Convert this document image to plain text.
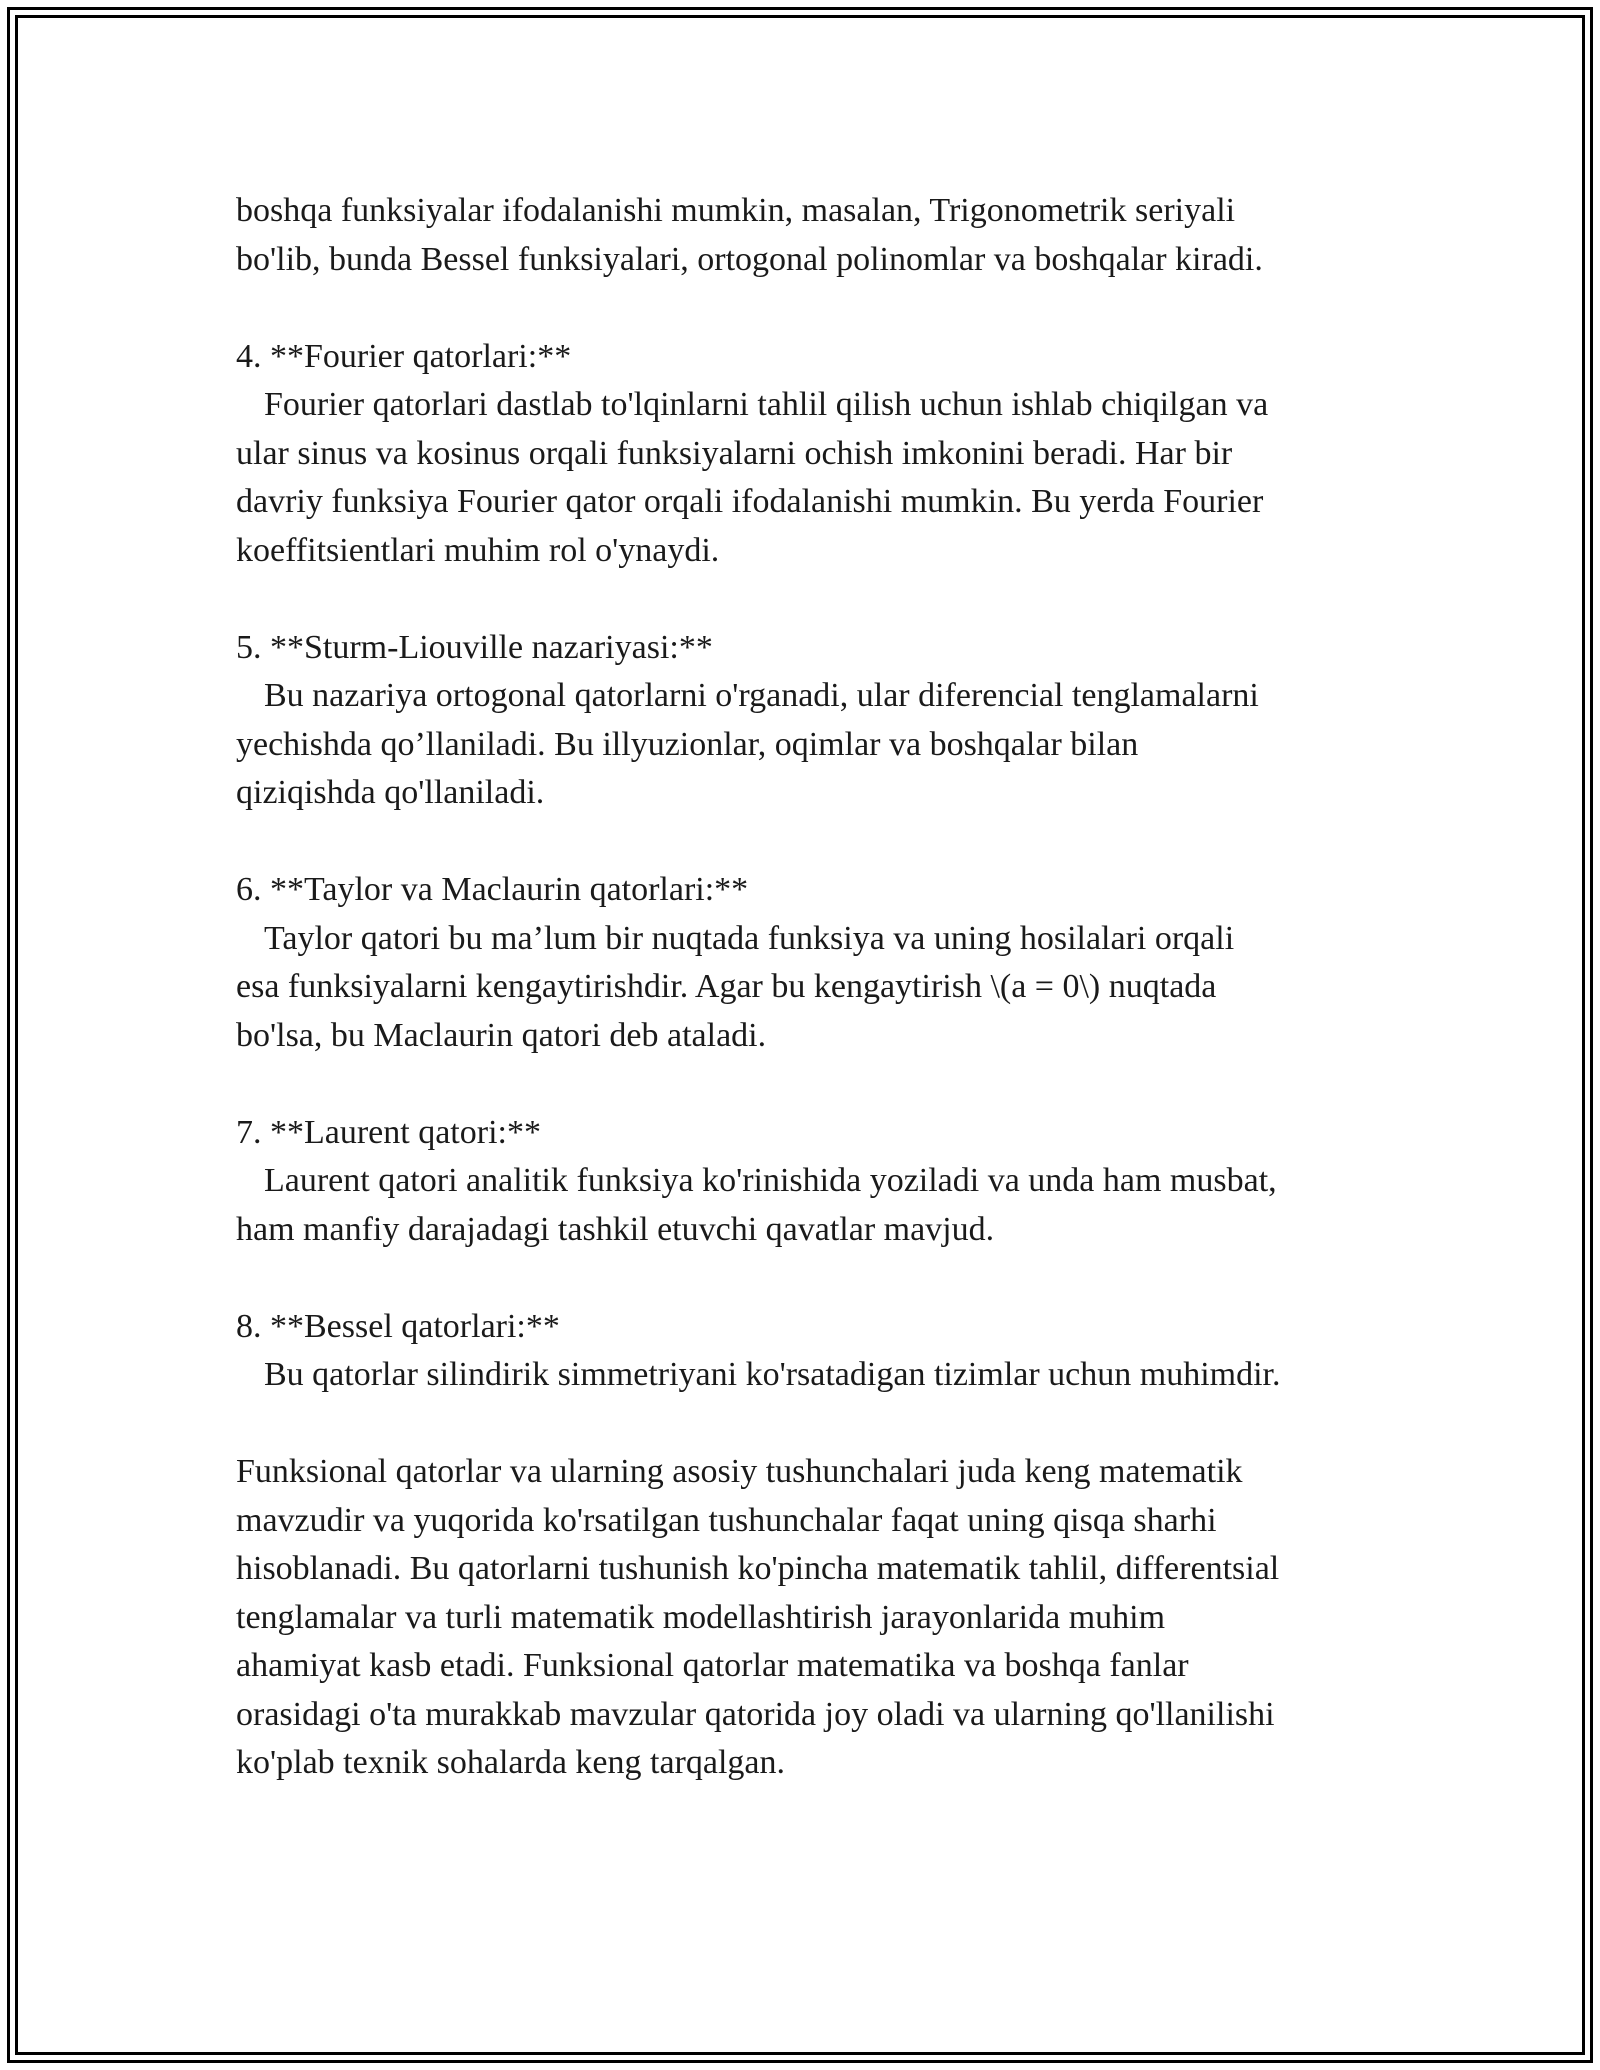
boshqa funksiyalar ifodalanishi mumkin, masalan, Trigonometrik seriyali
bo'lib, bunda Bessel funksiyalari, ortogonal polinomlar va boshqalar kiradi.

4. **Fourier qatorlari:**
Fourier qatorlari dastlab to'lqinlarni tahlil qilish uchun ishlab chiqilgan va
ular sinus va kosinus orqali funksiyalarni ochish imkonini beradi. Har bir
davriy funksiya Fourier qator orqali ifodalanishi mumkin. Bu yerda Fourier
koeffitsientlari muhim rol o'ynaydi.
5. **Sturm-Liouville nazariyasi:**
Bu nazariya ortogonal qatorlarni o'rganadi, ular diferencial tenglamalarni
yechishda qo’llaniladi. Bu illyuzionlar, oqimlar va boshqalar bilan
qiziqishda qo'llaniladi.
6. **Taylor va Maclaurin qatorlari:**
Taylor qatori bu ma’lum bir nuqtada funksiya va uning hosilalari orqali
esa funksiyalarni kengaytirishdir. Agar bu kengaytirish \(a = 0\) nuqtada
bo'lsa, bu Maclaurin qatori deb ataladi.
7. **Laurent qatori:**
Laurent qatori analitik funksiya ko'rinishida yoziladi va unda ham musbat,
ham manfiy darajadagi tashkil etuvchi qavatlar mavjud.
8. **Bessel qatorlari:**
Bu qatorlar silindirik simmetriyani ko'rsatadigan tizimlar uchun muhimdir.

Funksional qatorlar va ularning asosiy tushunchalari juda keng matematik
mavzudir va yuqorida ko'rsatilgan tushunchalar faqat uning qisqa sharhi
hisoblanadi. Bu qatorlarni tushunish ko'pincha matematik tahlil, differentsial
tenglamalar va turli matematik modellashtirish jarayonlarida muhim
ahamiyat kasb etadi. Funksional qatorlar matematika va boshqa fanlar
orasidagi o'ta murakkab mavzular qatorida joy oladi va ularning qo'llanilishi
ko'plab texnik sohalarda keng tarqalgan.
